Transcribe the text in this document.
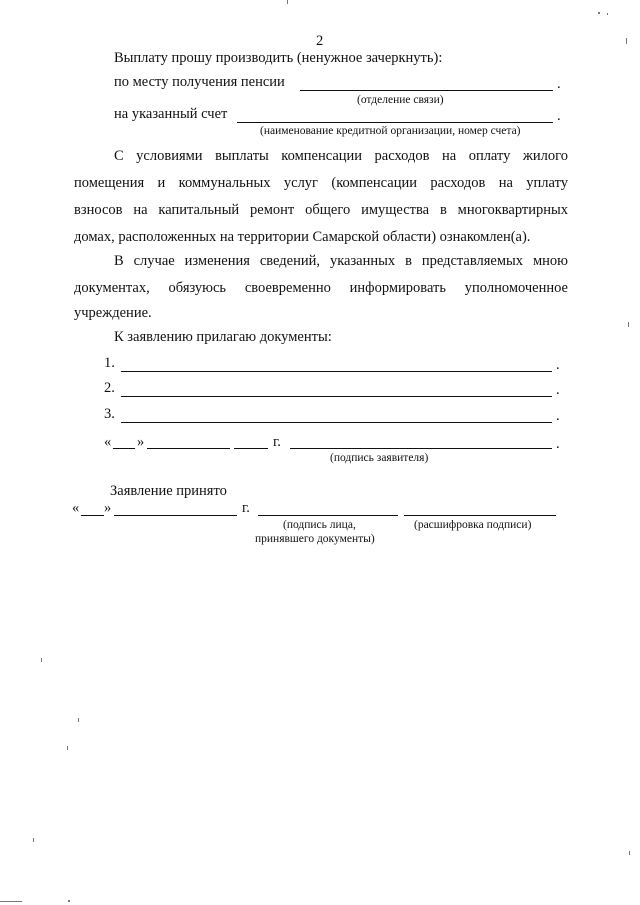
2
Выплату прошу производить (ненужное зачеркнуть):
по месту получения пенсии	.
(отделение связи)
на указанный счет	.
(наименование кредитной организации, номер счета)
С условиями выплаты компенсации расходов на оплату жилого
помещения и коммунальных услуг (компенсации расходов на уплату
взносов на капитальный ремонт общего имущества в многоквартирных
домах, расположенных на территории Самарской области) ознакомлен(а).
В случае изменения сведений, указанных в представляемых мною
документах, обязуюсь своевременно информировать уполномоченное
учреждение.
К заявлению прилагаю документы:
1.	.
2.	.
3.	.
« »	г.	.
(подпись заявителя)
Заявление принято
« »	г.
(подпись лица,
принявшего документы)
(расшифровка подписи)
